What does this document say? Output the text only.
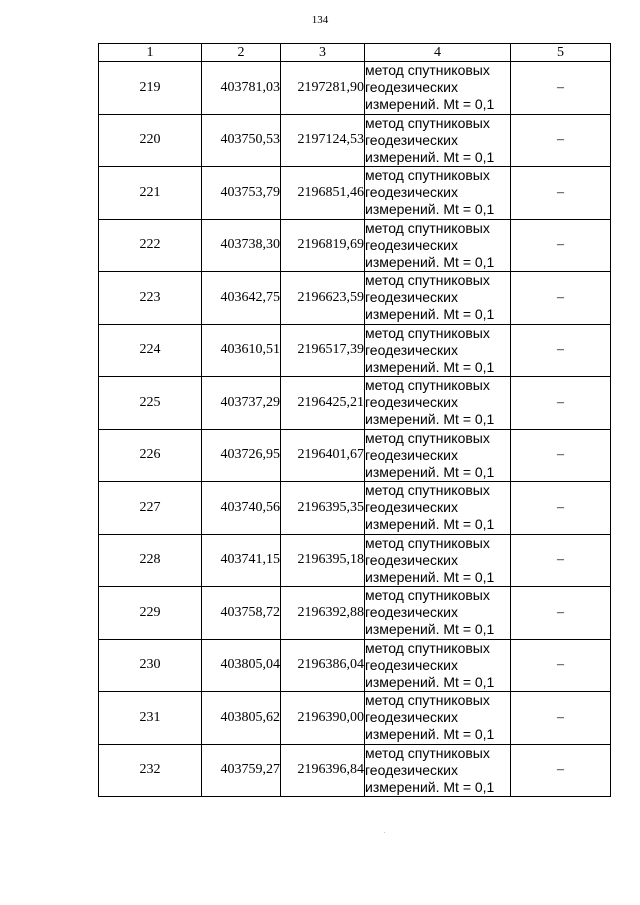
134
1	2	3	4	5
219	403781,03	2197281,90	метод спутниковых
геодезических
измерений. Mt = 0,1	–
220	403750,53	2197124,53	метод спутниковых
геодезических
измерений. Mt = 0,1	–
221	403753,79	2196851,46	метод спутниковых
геодезических
измерений. Mt = 0,1	–
222	403738,30	2196819,69	метод спутниковых
геодезических
измерений. Mt = 0,1	–
223	403642,75	2196623,59	метод спутниковых
геодезических
измерений. Mt = 0,1	–
224	403610,51	2196517,39	метод спутниковых
геодезических
измерений. Mt = 0,1	–
225	403737,29	2196425,21	метод спутниковых
геодезических
измерений. Mt = 0,1	–
226	403726,95	2196401,67	метод спутниковых
геодезических
измерений. Mt = 0,1	–
227	403740,56	2196395,35	метод спутниковых
геодезических
измерений. Mt = 0,1	–
228	403741,15	2196395,18	метод спутниковых
геодезических
измерений. Mt = 0,1	–
229	403758,72	2196392,88	метод спутниковых
геодезических
измерений. Mt = 0,1	–
230	403805,04	2196386,04	метод спутниковых
геодезических
измерений. Mt = 0,1	–
231	403805,62	2196390,00	метод спутниковых
геодезических
измерений. Mt = 0,1	–
232	403759,27	2196396,84	метод спутниковых
геодезических
измерений. Mt = 0,1	–
